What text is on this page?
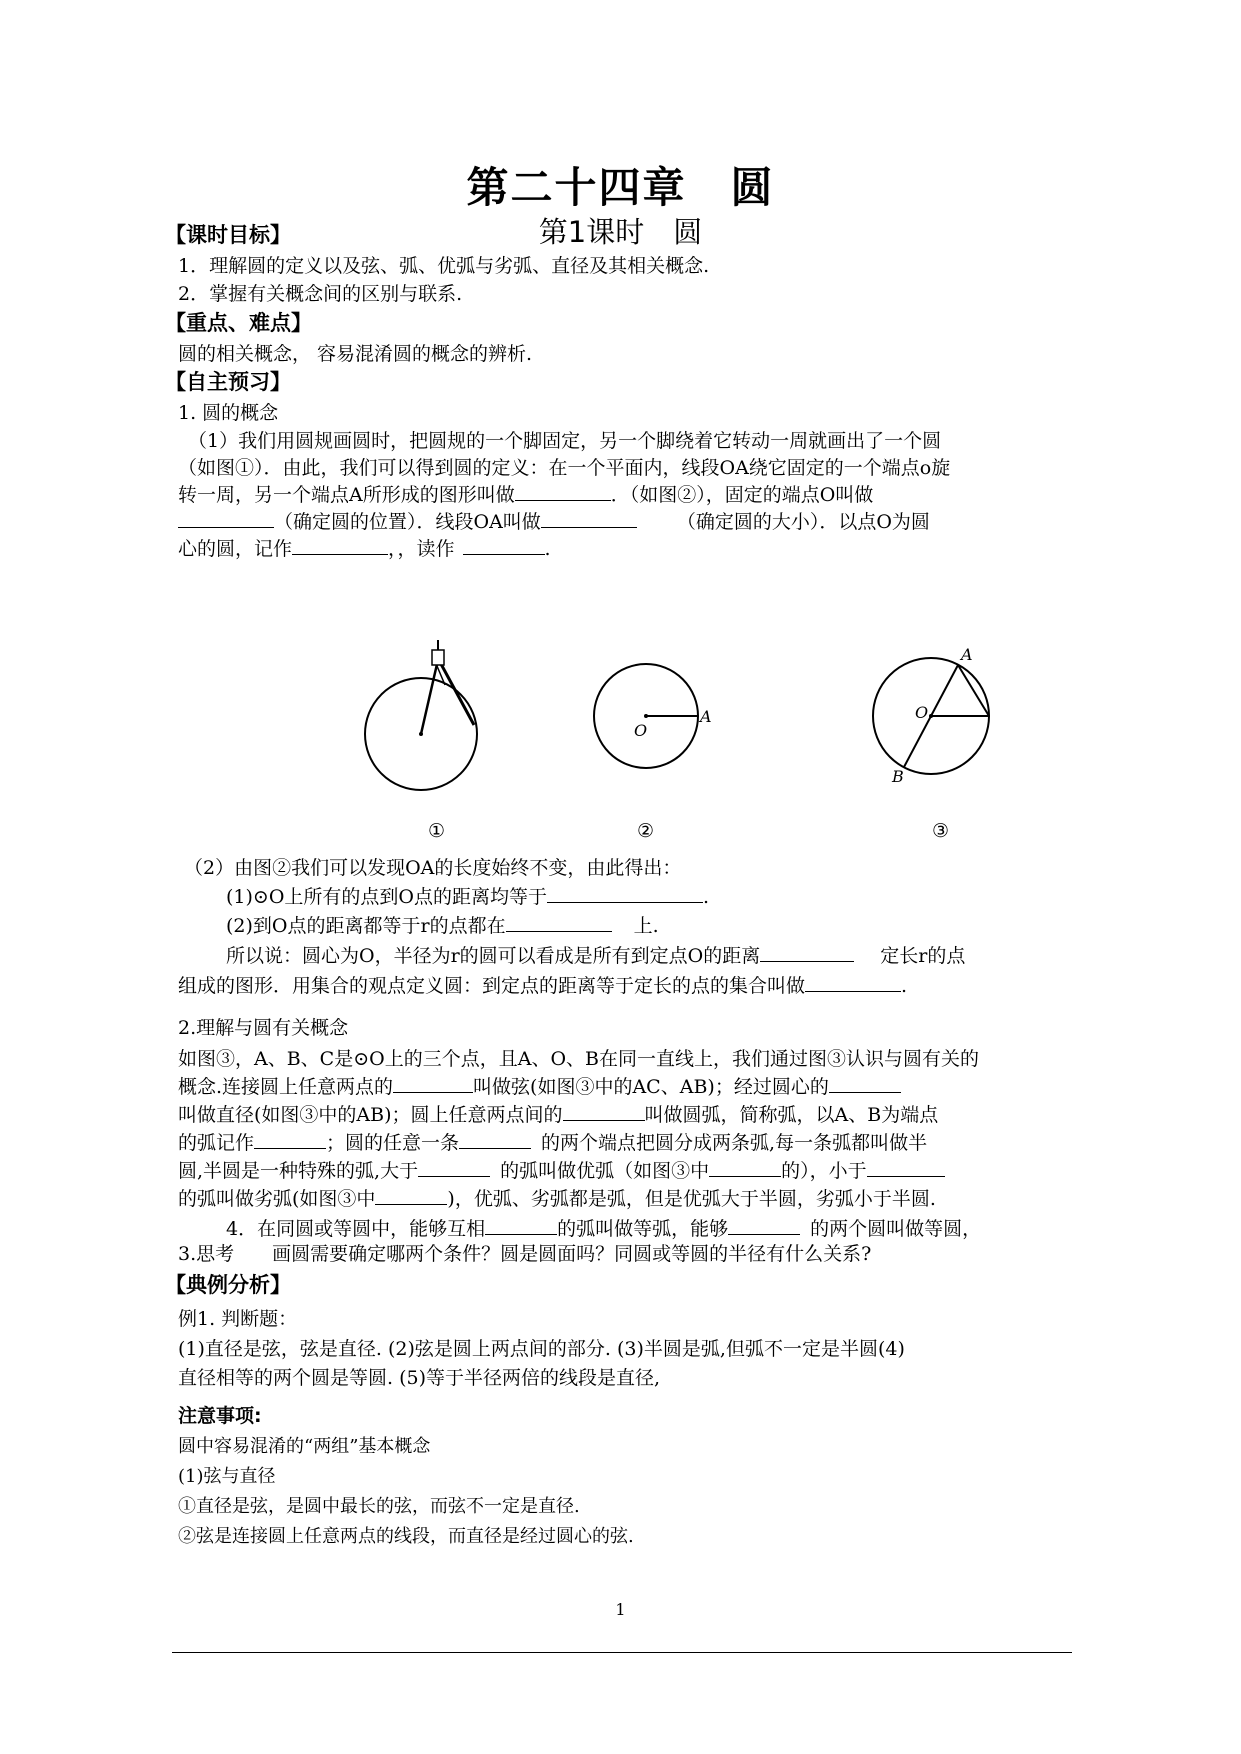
第二十四章　圆
第1课时　圆
【课时目标】
1．理解圆的定义以及弦、弧、优弧与劣弧、直径及其相关概念.
2．掌握有关概念间的区别与联系.
【重点、难点】
圆的相关概念， 容易混淆圆的概念的辨析.
【自主预习】
1. 圆的概念
（1）我们用圆规画圆时，把圆规的一个脚固定，另一个脚绕着它转动一周就画出了一个圆
（如图①）．由此，我们可以得到圆的定义：在一个平面内，线段OA绕它固定的一个端点o旋
转一周，另一个端点A所形成的图形叫做	．（如图②），固定的端点O叫做
（确定圆的位置）．线段OA叫做	（确定圆的大小）．以点O为圆
心的圆，记作	，，读作	.
O
A
A
O
B
①	②	③
（2）由图②我们可以发现OA的长度始终不变，由此得出：
(1)⊙O上所有的点到O点的距离均等于	.
(2)到O点的距离都等于r的点都在	上.
所以说：圆心为O，半径为r的圆可以看成是所有到定点O的距离	定长r的点
组成的图形．用集合的观点定义圆：到定点的距离等于定长的点的集合叫做	.
2.理解与圆有关概念
如图③，A、B、C是⊙O上的三个点，且A、O、B在同一直线上，我们通过图③认识与圆有关的
概念.连接圆上任意两点的	叫做弦(如图③中的AC、AB)；经过圆心的
叫做直径(如图③中的AB)；圆上任意两点间的	叫做圆弧，简称弧，以A、B为端点
的弧记作	；圆的任意一条	的两个端点把圆分成两条弧,每一条弧都叫做半
圆,半圆是一种特殊的弧,大于	的弧叫做优弧（如图③中	的），小于
的弧叫做劣弧(如图③中	)，优弧、劣弧都是弧，但是优弧大于半圆，劣弧小于半圆.
4．在同圆或等圆中，能够互相	的弧叫做等弧，能够	的两个圆叫做等圆，
3.思考　　画圆需要确定哪两个条件？圆是圆面吗？同圆或等圆的半径有什么关系?
【典例分析】
例1. 判断题：
(1)直径是弦，弦是直径. (2)弦是圆上两点间的部分. (3)半圆是弧,但弧不一定是半圆(4)
直径相等的两个圆是等圆. (5)等于半径两倍的线段是直径,
注意事项:
圆中容易混淆的“两组”基本概念
(1)弦与直径
①直径是弦，是圆中最长的弦，而弦不一定是直径.
②弦是连接圆上任意两点的线段，而直径是经过圆心的弦.
1
